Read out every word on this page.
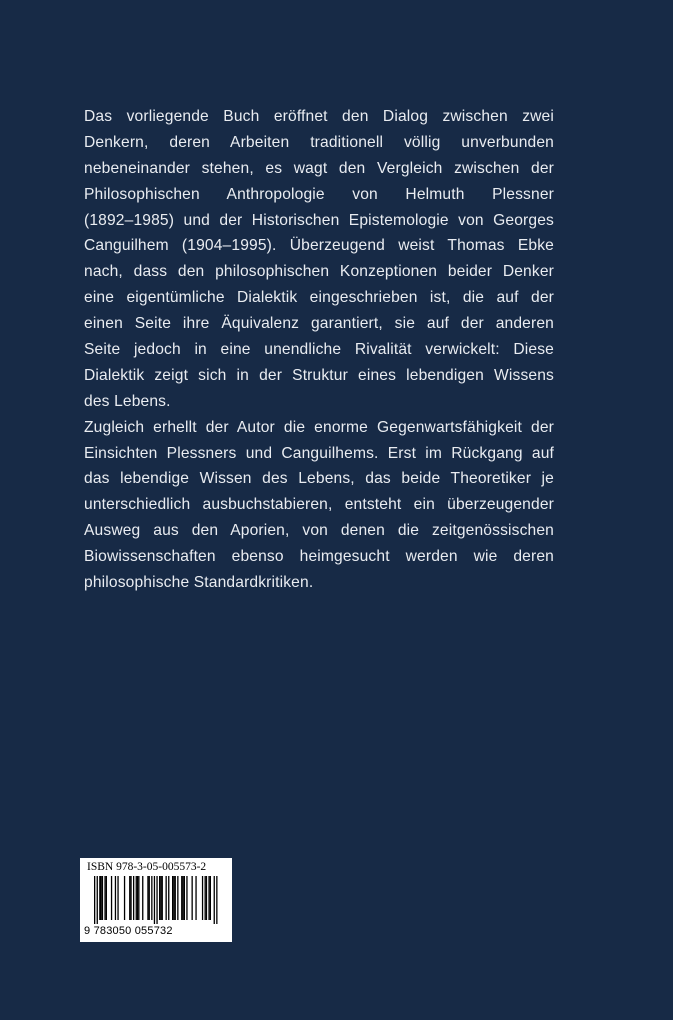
Das vorliegende Buch eröffnet den Dialog zwischen zwei
Denkern, deren Arbeiten traditionell völlig unverbunden
nebeneinander stehen, es wagt den Vergleich zwischen der
Philosophischen Anthropologie von Helmuth Plessner
(1892–1985) und der Historischen Epistemologie von Georges
Canguilhem (1904–1995). Überzeugend weist Thomas Ebke
nach, dass den philosophischen Konzeptionen beider Denker
eine eigentümliche Dialektik eingeschrieben ist, die auf der
einen Seite ihre Äquivalenz garantiert, sie auf der anderen
Seite jedoch in eine unendliche Rivalität verwickelt: Diese
Dialektik zeigt sich in der Struktur eines lebendigen Wissens
des Lebens.
Zugleich erhellt der Autor die enorme Gegenwartsfähigkeit der
Einsichten Plessners und Canguilhems. Erst im Rückgang auf
das lebendige Wissen des Lebens, das beide Theoretiker je
unterschiedlich ausbuchstabieren, entsteht ein überzeugender
Ausweg aus den Aporien, von denen die zeitgenössischen
Biowissenschaften ebenso heimgesucht werden wie deren
philosophische Standardkritiken.
ISBN 978-3-05-005573-2
9 783050 055732
